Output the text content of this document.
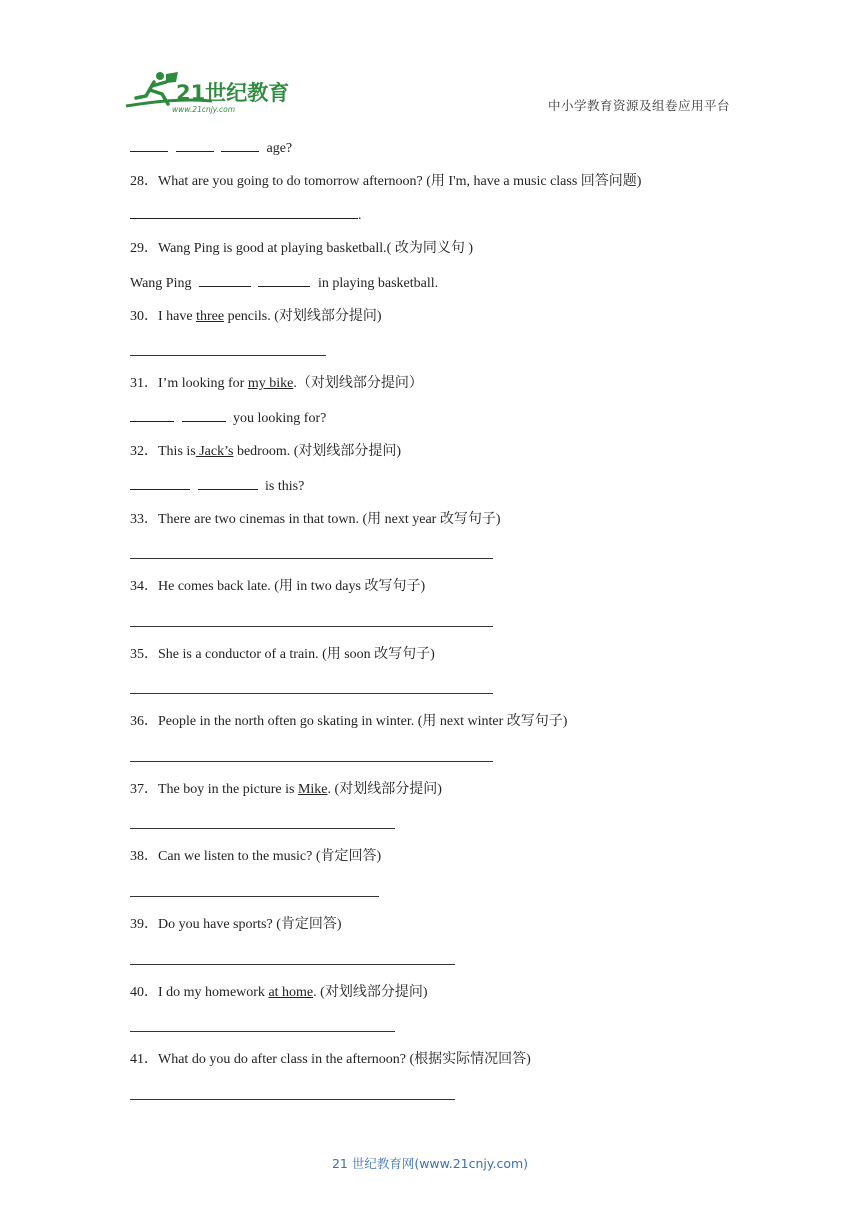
21世纪教育
www.21cnjy.com	中小学教育资源及组卷应用平台
age?
28．What are you going to do tomorrow afternoon? (用 I'm, have a music class 回答问题)
.
29．Wang Ping is good at playing basketball.( 改为同义句 )
Wang Ping	in playing basketball.
30．I have three pencils. (对划线部分提问)
31．I’m looking for my bike.（对划线部分提问）
you looking for?
32．This is Jack’s bedroom. (对划线部分提问)
is this?
33．There are two cinemas in that town. (用 next year 改写句子)
34．He comes back late. (用 in two days 改写句子)
35．She is a conductor of a train. (用 soon 改写句子)
36．People in the north often go skating in winter. (用 next winter 改写句子)
37．The boy in the picture is Mike. (对划线部分提问)
38．Can we listen to the music? (肯定回答)
39．Do you have sports? (肯定回答)
40．I do my homework at home. (对划线部分提问)
41．What do you do after class in the afternoon? (根据实际情况回答)
21 世纪教育网(www.21cnjy.com)
